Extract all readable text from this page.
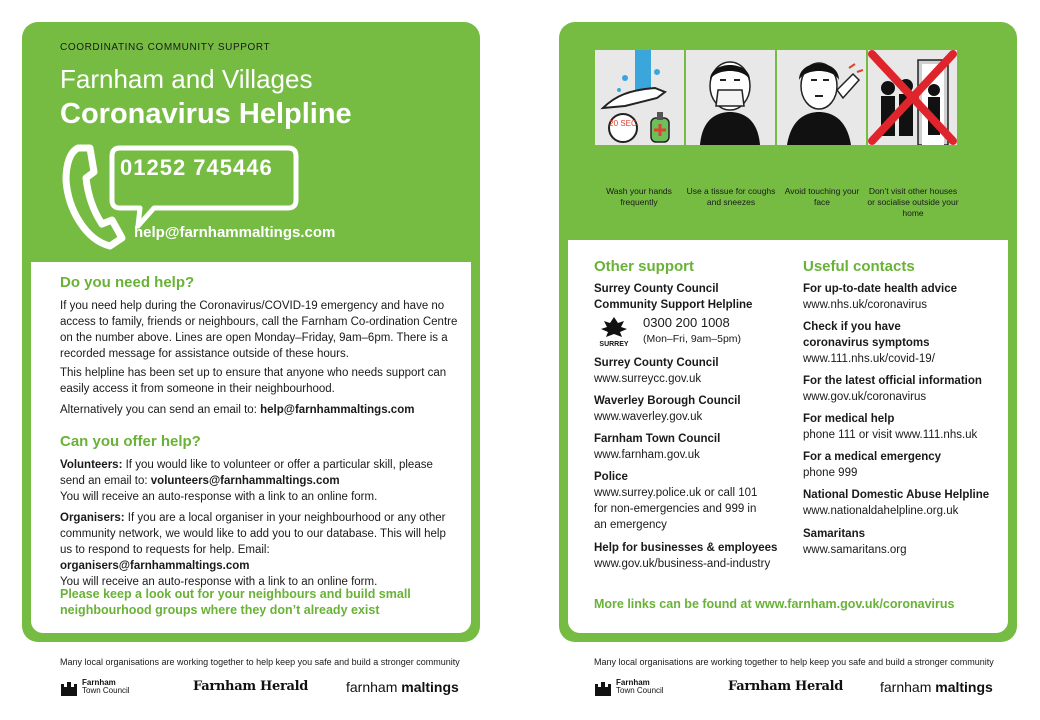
COORDINATING COMMUNITY SUPPORT
Farnham and Villages
Coronavirus Helpline
01252 745446
help@farnhammaltings.com
Do you need help?

If you need help during the Coronavirus/COVID-19 emergency and have no access to family, friends or neighbours, call the Farnham Co-ordination Centre on the number above. Lines are open Monday–Friday, 9am–6pm. There is a recorded message for assistance outside of these hours.

This helpline has been set up to ensure that anyone who needs support can easily access it from someone in their neighbourhood.

Alternatively you can send an email to: help@farnhammaltings.com

Can you offer help?

Volunteers: If you would like to volunteer or offer a particular skill, please send an email to: volunteers@farnhammaltings.com
You will receive an auto-response with a link to an online form.

Organisers: If you are a local organiser in your neighbourhood or any other community network, we would like to add you to our database. This will help us to respond to requests for help. Email: organisers@farnhammaltings.com
You will receive an auto-response with a link to an online form.

Please keep a look out for your neighbours and build small neighbourhood groups where they don’t already exist
20 SEC
Wash your hands frequently
Use a tissue for coughs and sneezes
Avoid touching your face
Don’t visit other houses or socialise outside your home
Other support
Surrey County Council Community Support Helpline
SURREY
0300 200 1008
(Mon–Fri, 9am–5pm)
Surrey County Council
www.surreycc.gov.uk
Waverley Borough Council
www.waverley.gov.uk
Farnham Town Council
www.farnham.gov.uk
Police
www.surrey.police.uk or call 101 for non-emergencies and 999 in an emergency
Help for businesses & employees
www.gov.uk/business-and-industry
Useful contacts
For up-to-date health advice
www.nhs.uk/coronavirus
Check if you have coronavirus symptoms
www.111.nhs.uk/covid-19/
For the latest official information
www.gov.uk/coronavirus
For medical help
phone 111 or visit www.111.nhs.uk
For a medical emergency
phone 999
National Domestic Abuse Helpline
www.nationaldahelpline.org.uk
Samaritans
www.samaritans.org
More links can be found at www.farnham.gov.uk/coronavirus
Many local organisations are working together to help keep you safe and build a stronger community	Many local organisations are working together to help keep you safe and build a stronger community
Farnham
Town Council	Farnham Herald	farnham maltings	Farnham
Town Council	Farnham Herald	farnham maltings
